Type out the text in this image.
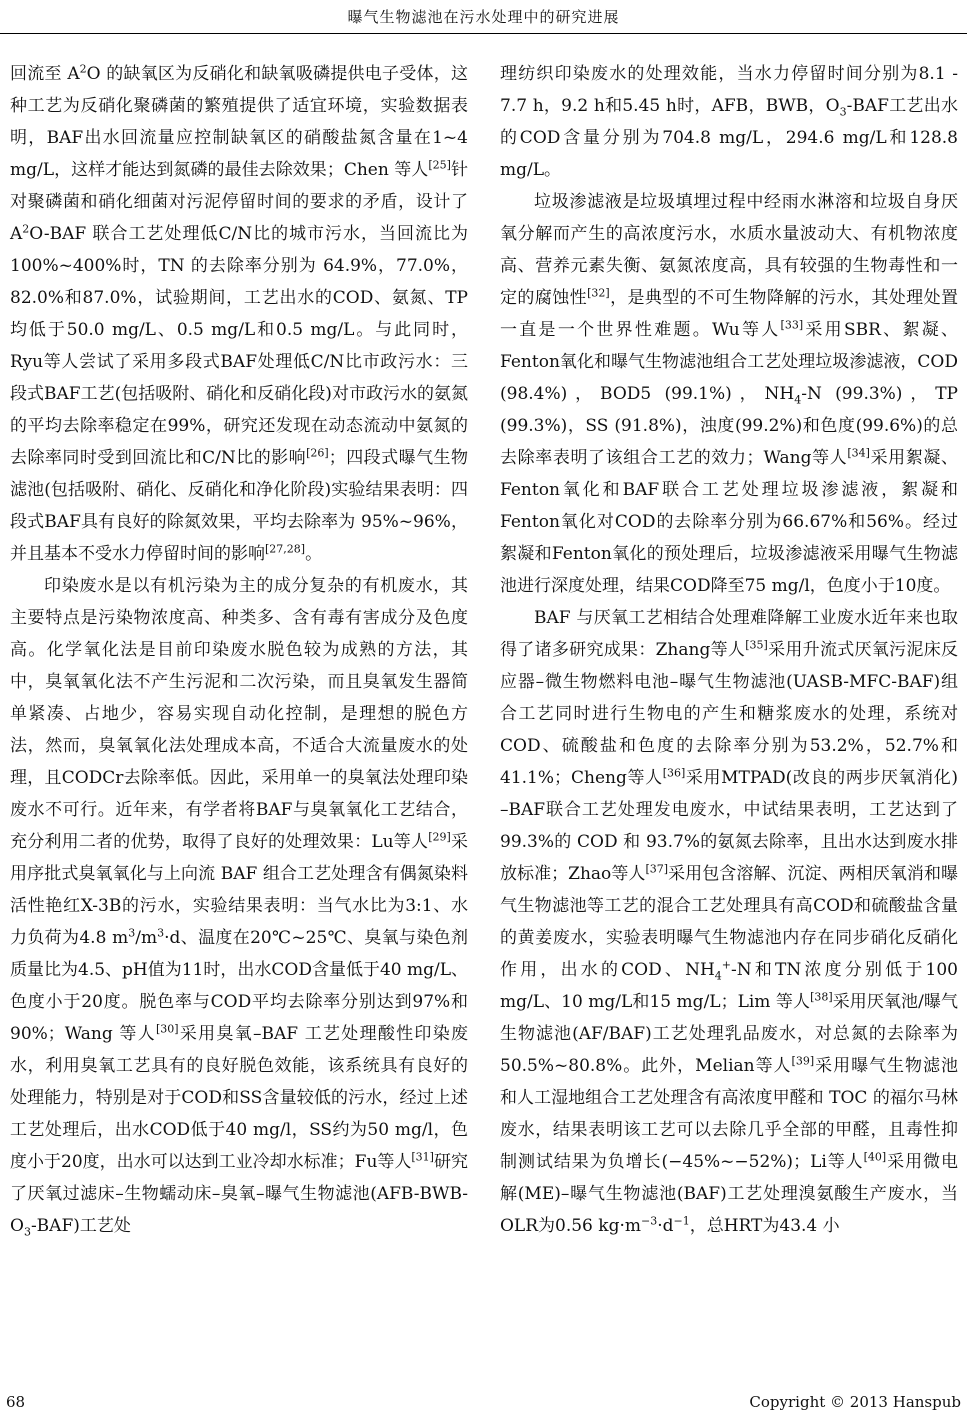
曝气生物滤池在污水处理中的研究进展

回流至 $A^2O$ 的缺氧区为反硝化和缺氧吸磷提供电子受体，这种工艺为反硝化聚磷菌的繁殖提供了适宜环境，实验数据表明，BAF出水回流量应控制缺氧区的硝酸盐氮含量在1~4 mg/L，这样才能达到氮磷的最佳去除效果；Chen 等人[25]针对聚磷菌和硝化细菌对污泥停留时间的要求的矛盾，设计了 $A^2O$-BAF 联合工艺处理低C/N比的城市污水，当回流比为100%~400%时，TN 的去除率分别为 64.9%，77.0%，82.0%和87.0%，试验期间，工艺出水的COD、氨氮、TP均低于50.0 mg/L、0.5 mg/L和0.5 mg/L。与此同时，Ryu等人尝试了采用多段式BAF处理低C/N比市政污水：三段式BAF工艺(包括吸附、硝化和反硝化段)对市政污水的氨氮的平均去除率稳定在99%，研究还发现在动态流动中氨氮的去除率同时受到回流比和C/N比的影响[26]；四段式曝气生物滤池(包括吸附、硝化、反硝化和净化阶段)实验结果表明：四段式BAF具有良好的除氮效果，平均去除率为 95%~96%，并且基本不受水力停留时间的影响[27,28]。

印染废水是以有机污染为主的成分复杂的有机废水，其主要特点是污染物浓度高、种类多、含有毒有害成分及色度高。化学氧化法是目前印染废水脱色较为成熟的方法，其中，臭氧氧化法不产生污泥和二次污染，而且臭氧发生器简单紧凑、占地少，容易实现自动化控制，是理想的脱色方法，然而，臭氧氧化法处理成本高，不适合大流量废水的处理，且CODCr去除率低。因此，采用单一的臭氧法处理印染废水不可行。近年来，有学者将BAF与臭氧氧化工艺结合，充分利用二者的优势，取得了良好的处理效果：Lu等人[29]采用序批式臭氧氧化与上向流 BAF 组合工艺处理含有偶氮染料活性艳红X-3B的污水，实验结果表明：当气水比为3:1、水力负荷为4.8 $m^3/m^3\cdot d$、温度在20℃~25℃、臭氧与染色剂质量比为4.5、pH值为11时，出水COD含量低于40 mg/L、色度小于20度。脱色率与COD平均去除率分别达到97%和90%；Wang 等人[30]采用臭氧–BAF 工艺处理酸性印染废水，利用臭氧工艺具有的良好脱色效能，该系统具有良好的处理能力，特别是对于COD和SS含量较低的污水，经过上述工艺处理后，出水COD低于40 mg/l，SS约为50 mg/l，色度小于20度，出水可以达到工业冷却水标准；Fu等人[31]研究了厌氧过滤床–生物蠕动床–臭氧–曝气生物滤池$(AFB-BWB-O_3-BAF)$工艺处

理纺织印染废水的处理效能，当水力停留时间分别为8.1 - 7.7 h，9.2 h和5.45 h时，AFB，BWB，$O_3$-BAF工艺出水的COD含量分别为704.8 mg/L，294.6 mg/L和128.8 mg/L。

垃圾渗滤液是垃圾填埋过程中经雨水淋溶和垃圾自身厌氧分解而产生的高浓度污水，水质水量波动大、有机物浓度高、营养元素失衡、氨氮浓度高，具有较强的生物毒性和一定的腐蚀性[32]，是典型的不可生物降解的污水，其处理处置一直是一个世界性难题。Wu等人[33]采用SBR、絮凝、Fenton氧化和曝气生物滤池组合工艺处理垃圾渗滤液，COD (98.4%)，BOD5 (99.1%)，$NH_4-N$ (99.3%)，TP (99.3%)，SS (91.8%)，浊度(99.2%)和色度(99.6%)的总去除率表明了该组合工艺的效力；Wang等人[34]采用絮凝、Fenton氧化和BAF联合工艺处理垃圾渗滤液，絮凝和Fenton氧化对COD的去除率分别为66.67%和56%。经过絮凝和Fenton氧化的预处理后，垃圾渗滤液采用曝气生物滤池进行深度处理，结果COD降至75 mg/l，色度小于10度。

BAF 与厌氧工艺相结合处理难降解工业废水近年来也取得了诸多研究成果：Zhang等人[35]采用升流式厌氧污泥床反应器–微生物燃料电池–曝气生物滤池(UASB-MFC-BAF)组合工艺同时进行生物电的产生和糖浆废水的处理，系统对COD、硫酸盐和色度的去除率分别为53.2%，52.7%和41.1%；Cheng等人[36]采用MTPAD(改良的两步厌氧消化) –BAF联合工艺处理发电废水，中试结果表明，工艺达到了 99.3%的 COD 和 93.7%的氨氮去除率，且出水达到废水排放标准；Zhao等人[37]采用包含溶解、沉淀、两相厌氧消和曝气生物滤池等工艺的混合工艺处理具有高COD和硫酸盐含量的黄姜废水，实验表明曝气生物滤池内存在同步硝化反硝化作用，出水的COD、$NH_4^+-N$和TN浓度分别低于100 mg/L、10 mg/L和15 mg/L；Lim 等人[38]采用厌氧池/曝气生物滤池(AF/BAF)工艺处理乳品废水，对总氮的去除率为50.5%~80.8%。此外，Melian等人[39]采用曝气生物滤池和人工湿地组合工艺处理含有高浓度甲醛和 TOC 的福尔马林废水，结果表明该工艺可以去除几乎全部的甲醛，且毒性抑制测试结果为负增长(−45%~−52%)；Li等人[40]采用微电解(ME)–曝气生物滤池(BAF)工艺处理溴氨酸生产废水，当OLR为0.56 $kg\cdot m^{-3}\cdot d^{-1}$，总HRT为43.4 小

68	Copyright © 2013 Hanspub
